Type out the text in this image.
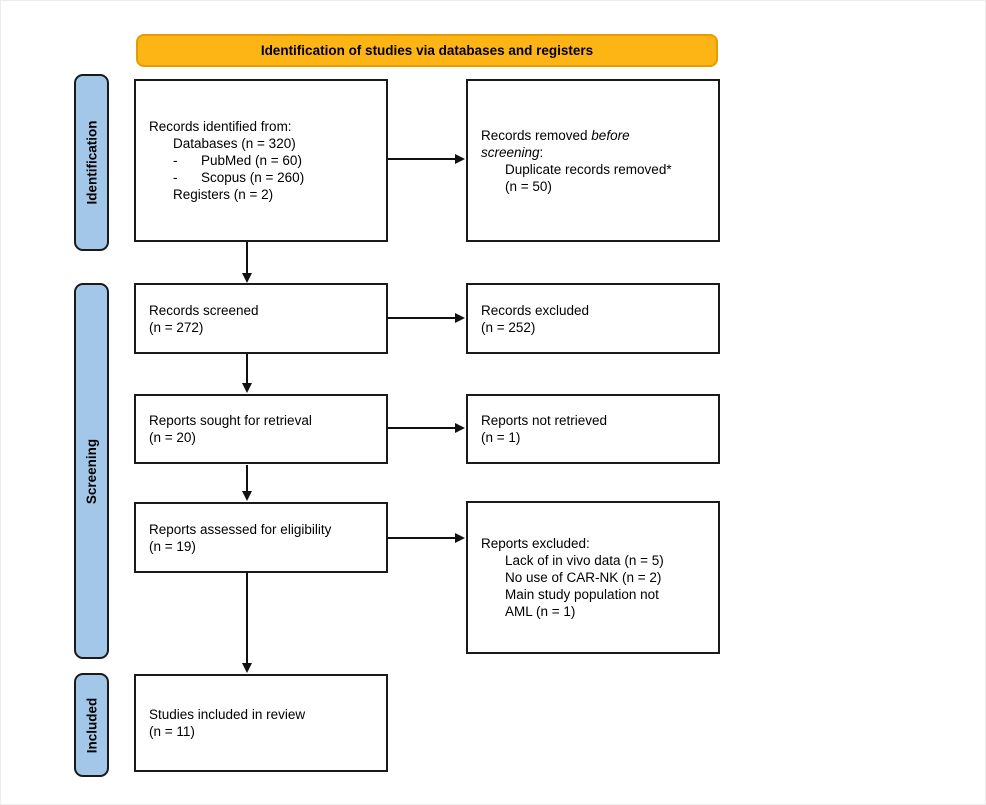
Identification of studies via databases and registers
Identification
Screening
Included
Records identified from:
Databases (n = 320)
- PubMed (n = 60)
- Scopus (n = 260)
Registers (n = 2)
Records removed before
screening:
Duplicate records removed*
(n = 50)
Records screened
(n = 272)
Records excluded
(n = 252)
Reports sought for retrieval
(n = 20)
Reports not retrieved
(n = 1)
Reports assessed for eligibility
(n = 19)	Reports excluded:
Lack of in vivo data (n = 5)
No use of CAR-NK (n = 2)
Main study population not
AML (n = 1)
Studies included in review
(n = 11)
